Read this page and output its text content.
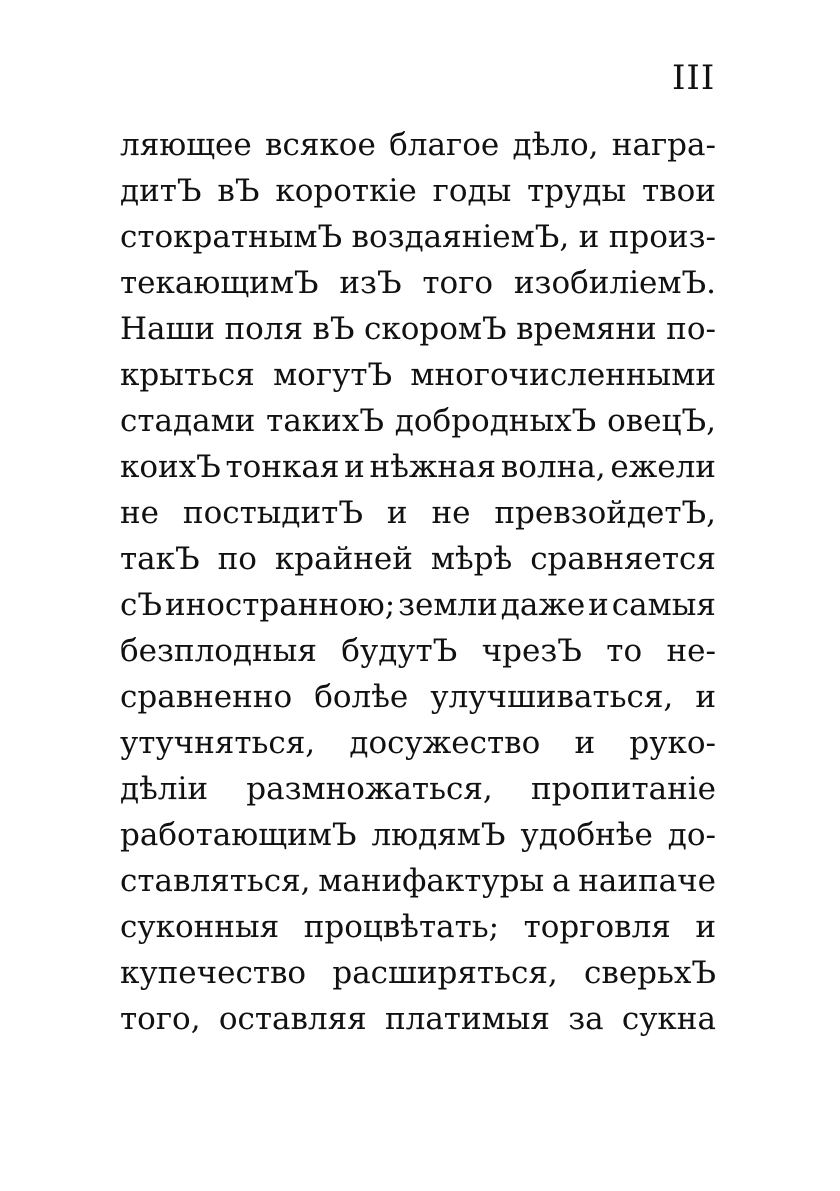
III
ляющее всякое благое дѣло, награ-
дитЪ вЪ короткіе годы труды твои
стократнымЪ воздаяніемЪ, и произ-
текающимЪ изЪ того изобиліемЪ.
Наши поля вЪ скоромЪ времяни по-
крыться могутЪ многочисленными
стадами такихЪ добродныхЪ овецЪ,
коихЪ тонкая и нѣжная волна, ежели
не постыдитЪ и не превзойдетЪ,
такЪ по крайней мѣрѣ сравняется
сЪ иностранною; земли даже и самыя
безплодныя будутЪ чрезЪ то не-
сравненно болѣе улучшиваться, и
утучняться, досужество и руко-
дѣліи размножаться, пропитаніе
работающимЪ людямЪ удобнѣе до-
ставляться, манифактуры а наипаче
суконныя процвѣтать; торговля и
купечество расширяться, сверьхЪ
того, оставляя платимыя за сукна
